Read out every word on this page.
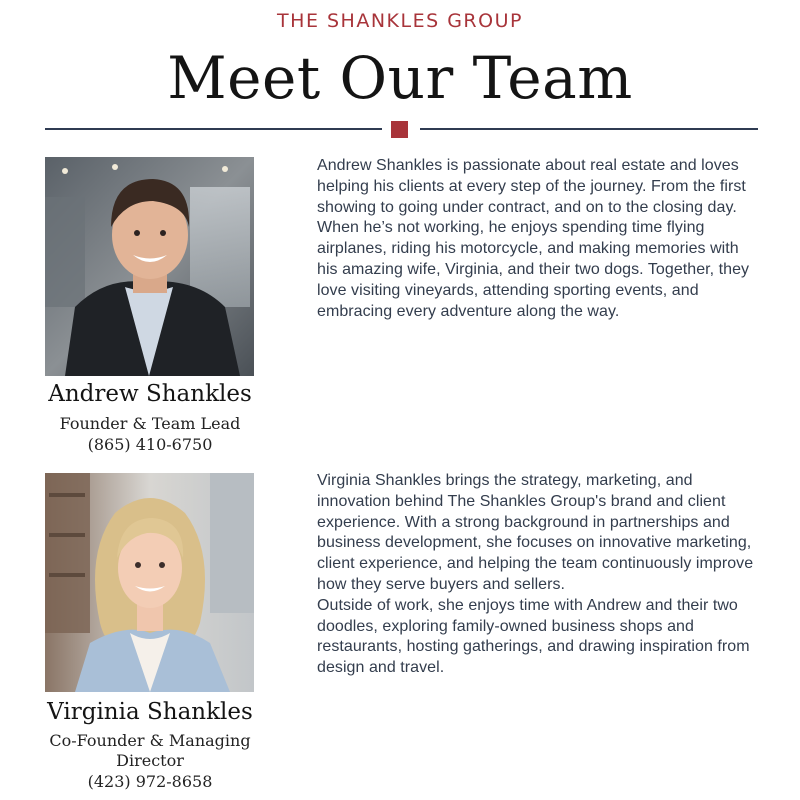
THE SHANKLES GROUP
Meet Our Team
Andrew Shankles
Founder & Team Lead
(865) 410-6750

Andrew Shankles is passionate about real estate and loves helping his clients at every step of the journey. From the first showing to going under contract, and on to the closing day. When he’s not working, he enjoys spending time flying airplanes, riding his motorcycle, and making memories with his amazing wife, Virginia, and their two dogs. Together, they love visiting vineyards, attending sporting events, and embracing every adventure along the way.

Virginia Shankles
Co-Founder & Managing Director
(423) 972-8658

Virginia Shankles brings the strategy, marketing, and innovation behind The Shankles Group's brand and client experience. With a strong background in partnerships and business development, she focuses on innovative marketing, client experience, and helping the team continuously improve how they serve buyers and sellers.

Outside of work, she enjoys time with Andrew and their two doodles, exploring family-owned business shops and restaurants, hosting gatherings, and drawing inspiration from design and travel.
